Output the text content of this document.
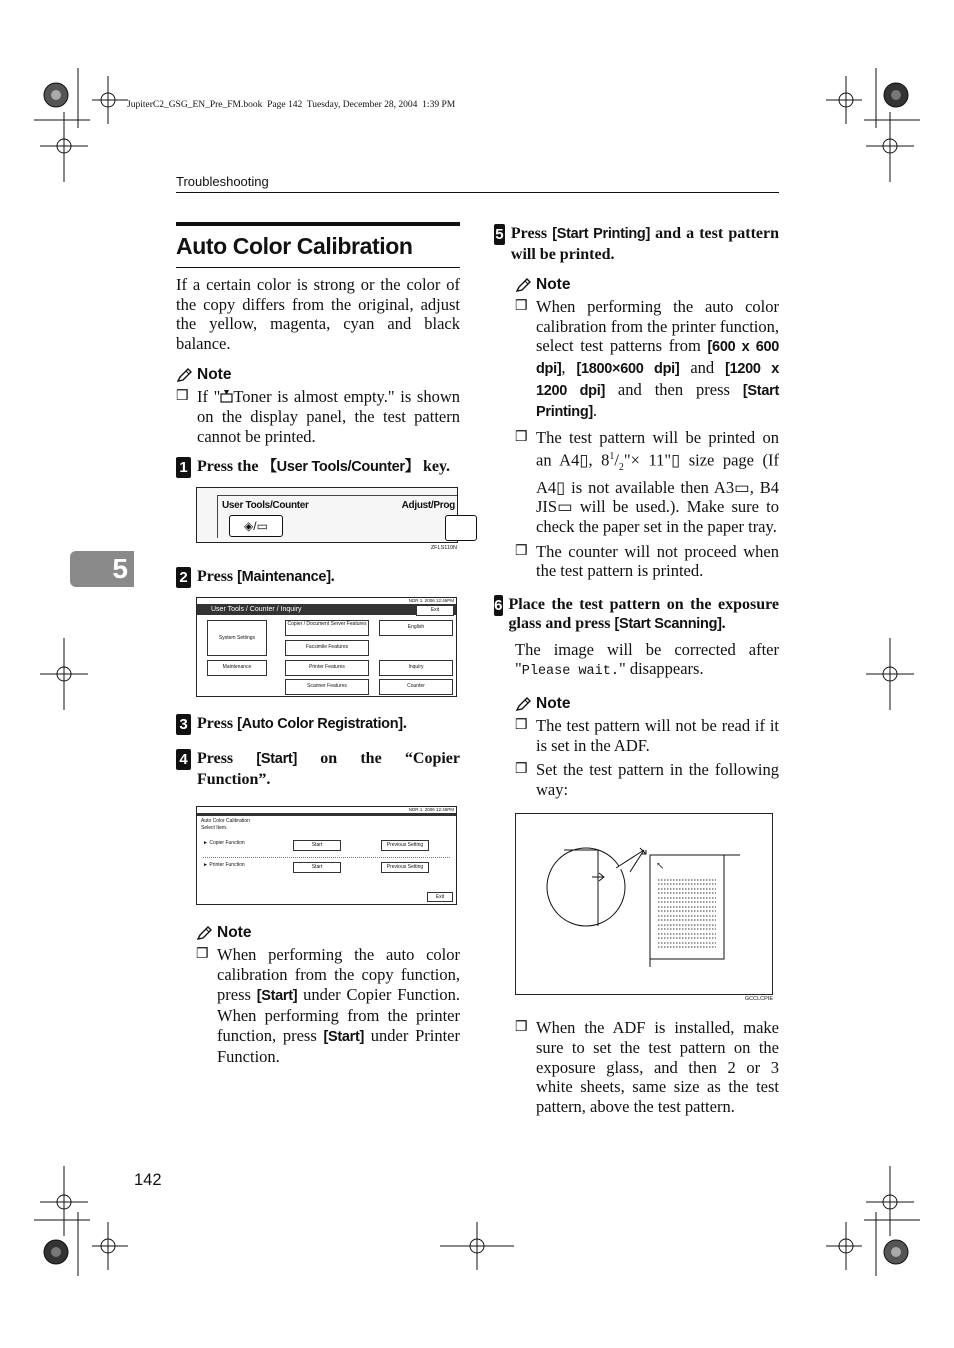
JupiterC2_GSG_EN_Pre_FM.book  Page 142  Tuesday, December 28, 2004  1:39 PM
Troubleshooting
5
Auto Color Calibration
If a certain color is strong or the color of the copy differs from the original, adjust the yellow, magenta, cyan and black balance.
Note
❒ If " Toner is almost empty." is shown on the display panel, the test pattern cannot be printed.
1 Press the 【User Tools/Counter】 key.
User Tools/Counter	Adjust/Prog
◈/▭
ZFLS110N
2 Press [Maintenance].
NDR 1. 2006 12:46PM
User Tools / Counter / Inquiry	Exit
System Settings
Copier / Document Server Features	English
Facsimile Features
Maintenance	Printer Features	Inquiry
Scanner Features	Counter
3 Press [Auto Color Registration].
4 Press [Start] on the “Copier Function”.
NDR 1. 2006 12:46PM
Auto Color Calibration
Select Item.
► Copier Function
► Printer Function
Start	Previous Setting
Start	Previous Setting
Exit
Note
❒ When performing the auto color calibration from the copy function, press [Start] under Copier Function. When performing from the printer function, press [Start] under Printer Function.
142
5 Press [Start Printing] and a test pattern will be printed.
Note
❒ When performing the auto color calibration from the printer function, select test patterns from [600 x 600 dpi], [1800×600 dpi] and [1200 x 1200 dpi] and then press [Start Printing].
❒ The test pattern will be printed on an A4▯, $8^1/_2"\times$ 11"▯ size page (If A4▯ is not available then A3▭, B4 JIS▭ will be used.). Make sure to check the paper set in the paper tray.
❒ The counter will not proceed when the test pattern is printed.
6 Place the test pattern on the exposure glass and press [Start Scanning].
The image will be corrected after "Please wait." disappears.
Note
❒ The test pattern will not be read if it is set in the ADF.
❒ Set the test pattern in the following way:
↖
GCCLCPIE
❒ When the ADF is installed, make sure to set the test pattern on the exposure glass, and then 2 or 3 white sheets, same size as the test pattern, above the test pattern.
